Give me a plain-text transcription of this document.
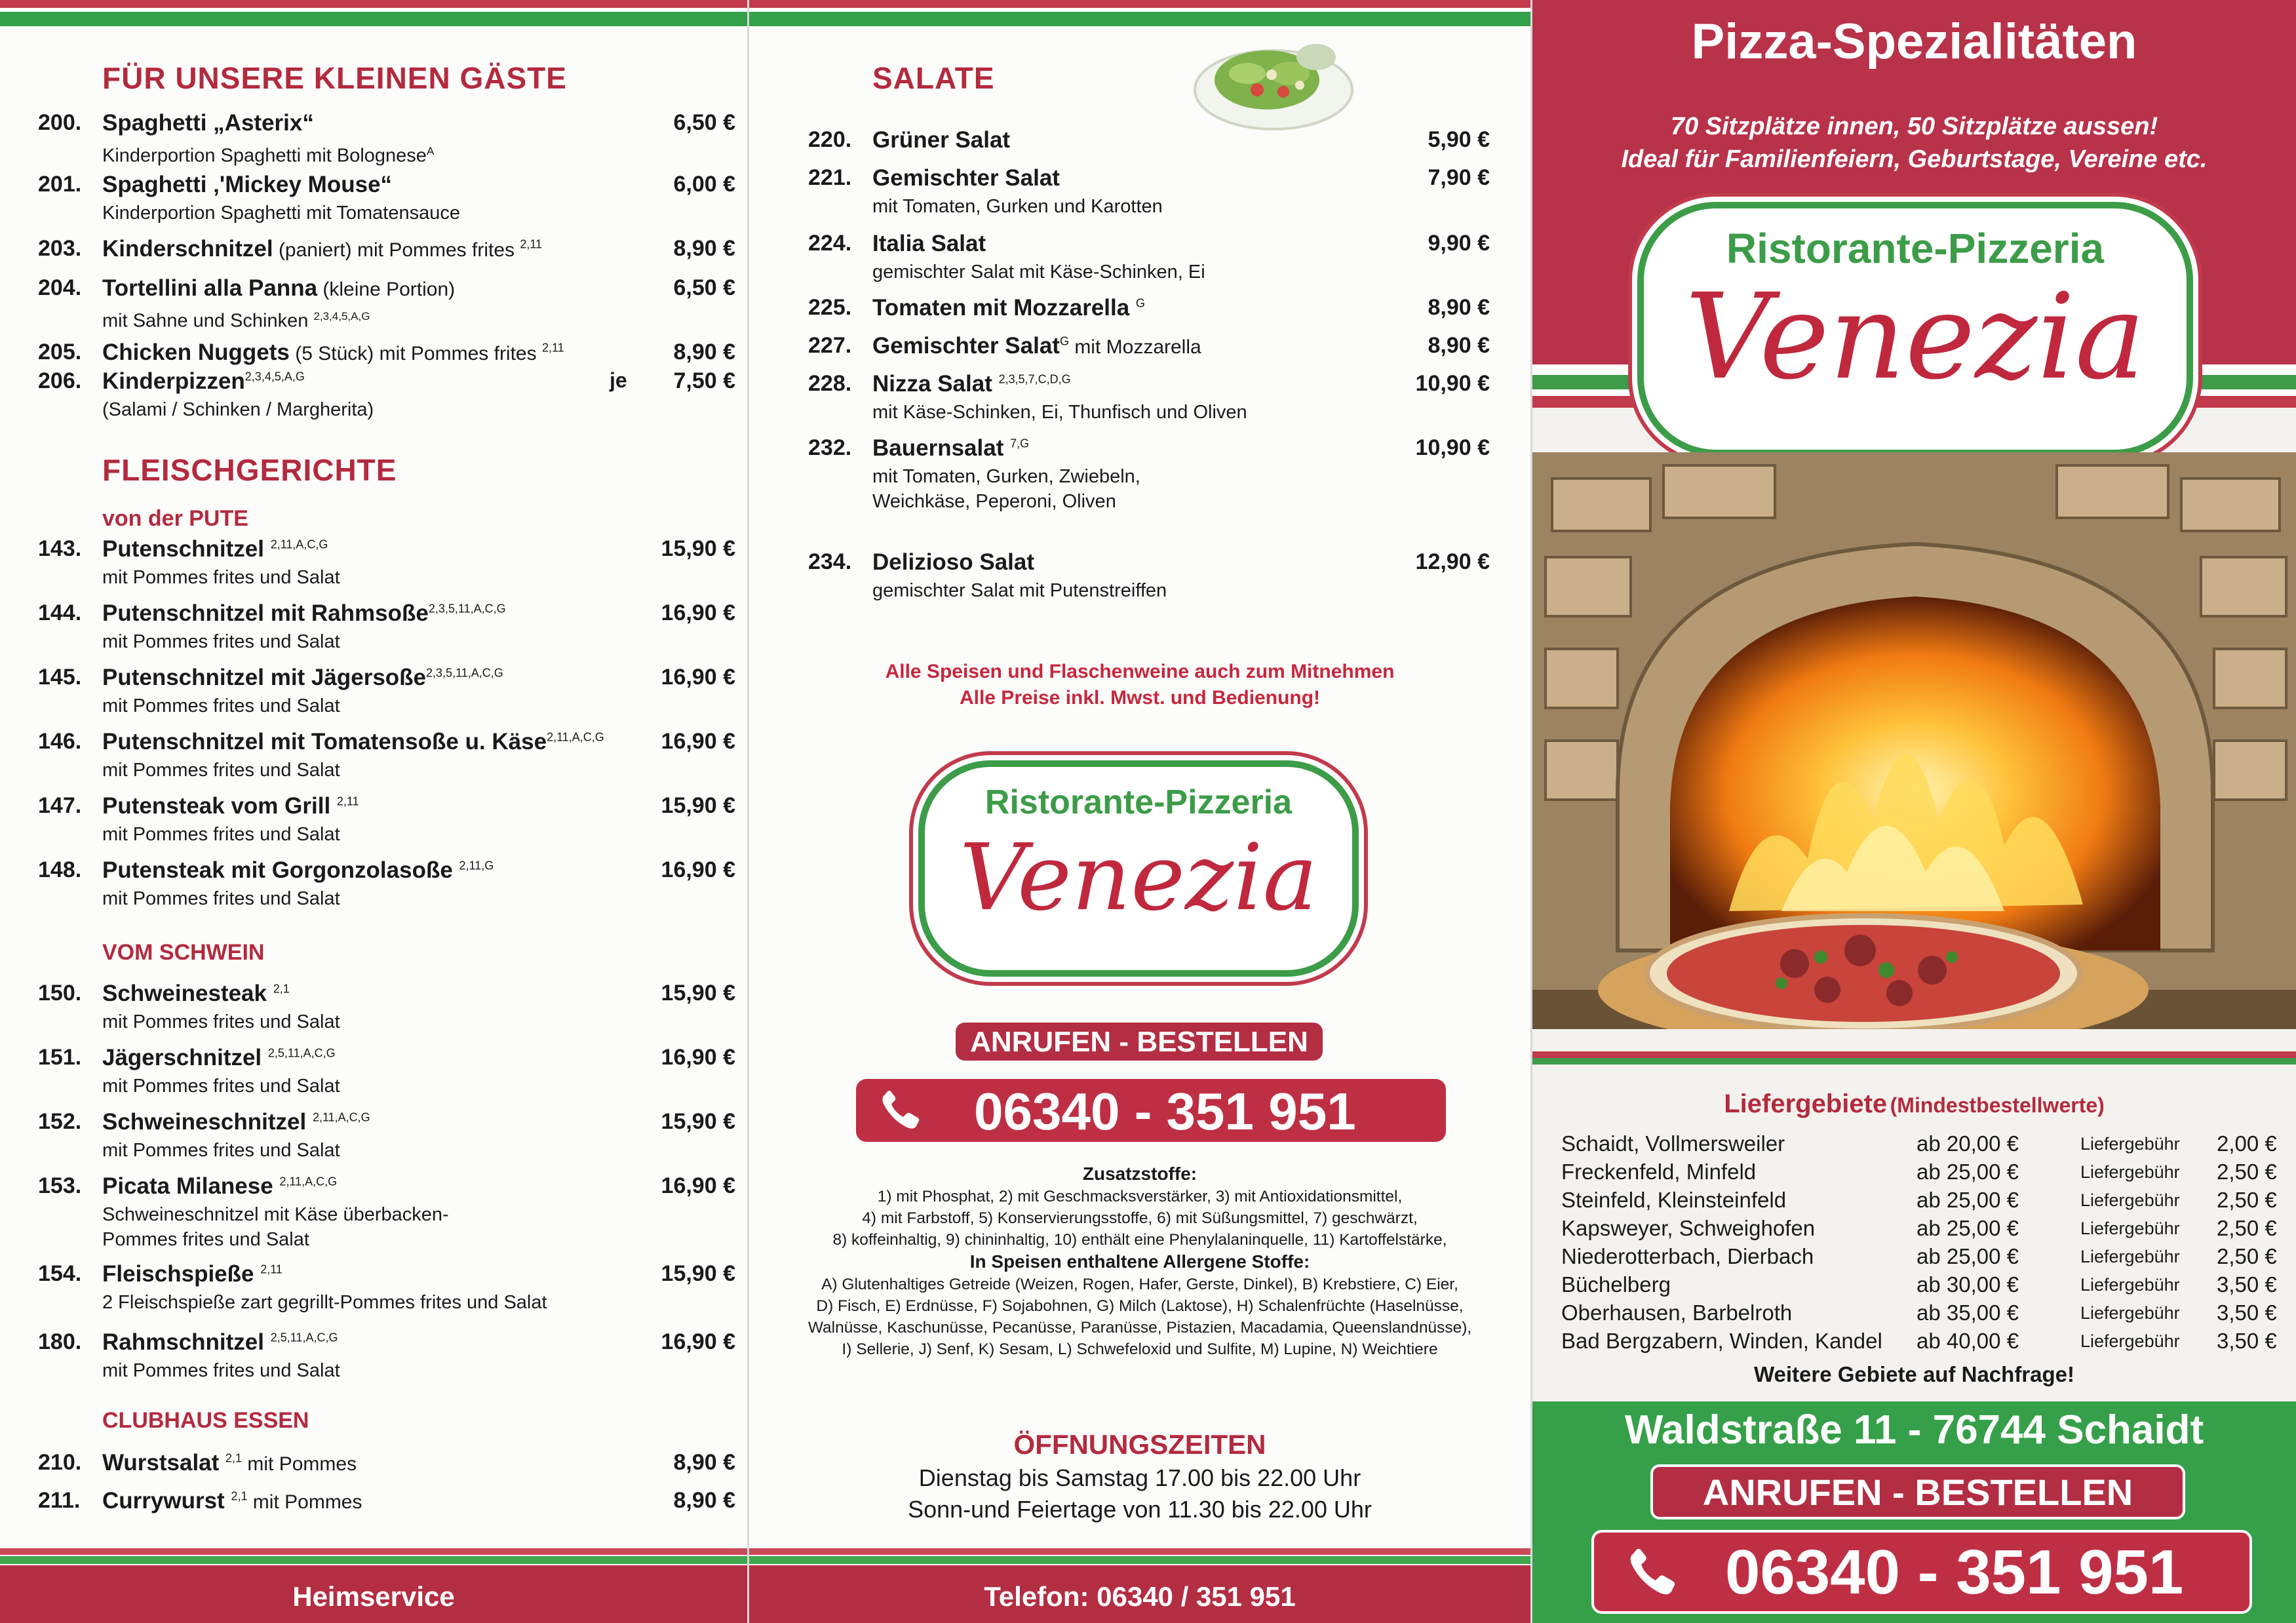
FÜR UNSERE KLEINEN GÄSTE
200. Spaghetti „Asterix“
Kinderportion Spaghetti mit Bolognese$^A$
6,50 €
201. Spaghetti ‚'Mickey Mouse“
Kinderportion Spaghetti mit Tomatensauce
6,00 €
203. Kinderschnitzel (paniert) mit Pommes frites $^{2,11}$	8,90 €
204. Tortellini alla Panna (kleine Portion)
mit Sahne und Schinken $^{2,3,4,5,A,G}$
6,50 €
205. Chicken Nuggets (5 Stück) mit Pommes frites $^{2,11}$	8,90 €
206. Kinderpizzen$^{2,3,4,5,A,G}$
(Salami / Schinken / Margherita)
je 7,50 €
FLEISCHGERICHTE
von der PUTE
143. Putenschnitzel $^{2,11,A,C,G}$
mit Pommes frites und Salat
15,90 €
144. Putenschnitzel mit Rahmsoße$^{2,3,5,11,A,C,G}$
mit Pommes frites und Salat
16,90 €
145. Putenschnitzel mit Jägersoße$^{2,3,5,11,A,C,G}$
mit Pommes frites und Salat
16,90 €
146. Putenschnitzel mit Tomatensoße u. Käse$^{2,11,A,C,G}$
mit Pommes frites und Salat
16,90 €
147. Putensteak vom Grill $^{2,11}$
mit Pommes frites und Salat
15,90 €
148. Putensteak mit Gorgonzolasoße $^{2,11,G}$
mit Pommes frites und Salat
16,90 €
VOM SCHWEIN
150. Schweinesteak $^{2,1}$
mit Pommes frites und Salat
15,90 €
151. Jägerschnitzel $^{2,5,11,A,C,G}$
mit Pommes frites und Salat
16,90 €
152. Schweineschnitzel $^{2,11,A,C,G}$
mit Pommes frites und Salat
15,90 €
153. Picata Milanese $^{2,11,A,C,G}$
Schweineschnitzel mit Käse überbacken-
Pommes frites und Salat
16,90 €
154. Fleischspieße $^{2,11}$
2 Fleischspieße zart gegrillt-Pommes frites und Salat
15,90 €
180. Rahmschnitzel $^{2,5,11,A,C,G}$
mit Pommes frites und Salat
16,90 €
CLUBHAUS ESSEN
210. Wurstsalat $^{2,1}$ mit Pommes	8,90 €
211. Currywurst $^{2,1}$ mit Pommes	8,90 €
Heimservice
SALATE
220. Grüner Salat	5,90 €
221. Gemischter Salat
mit Tomaten, Gurken und Karotten
7,90 €
224. Italia Salat
gemischter Salat mit Käse-Schinken, Ei
9,90 €
225. Tomaten mit Mozzarella $^G$	8,90 €
227. Gemischter Salat$^G$ mit Mozzarella	8,90 €
228. Nizza Salat $^{2,3,5,7,C,D,G}$
mit Käse-Schinken, Ei, Thunfisch und Oliven
10,90 €
232. Bauernsalat $^{7,G}$
mit Tomaten, Gurken, Zwiebeln,
Weichkäse, Peperoni, Oliven
10,90 €
234. Delizioso Salat
gemischter Salat mit Putenstreiffen
12,90 €
Alle Speisen und Flaschenweine auch zum Mitnehmen
Alle Preise inkl. Mwst. und Bedienung!
Ristorante-Pizzeria
Venezia
ANRUFEN - BESTELLEN
06340 - 351 951
Zusatzstoffe:
1) mit Phosphat, 2) mit Geschmacksverstärker, 3) mit Antioxidationsmittel,
4) mit Farbstoff, 5) Konservierungsstoffe, 6) mit Süßungsmittel, 7) geschwärzt,
8) koffeinhaltig, 9) chininhaltig, 10) enthält eine Phenylalaninquelle, 11) Kartoffelstärke,
In Speisen enthaltene Allergene Stoffe:
A) Glutenhaltiges Getreide (Weizen, Rogen, Hafer, Gerste, Dinkel), B) Krebstiere, C) Eier,
D) Fisch, E) Erdnüsse, F) Sojabohnen, G) Milch (Laktose), H) Schalenfrüchte (Haselnüsse,
Walnüsse, Kaschunüsse, Pecanüsse, Paranüsse, Pistazien, Macadamia, Queenslandnüsse),
I) Sellerie, J) Senf, K) Sesam, L) Schwefeloxid und Sulfite, M) Lupine, N) Weichtiere
ÖFFNUNGSZEITEN
Dienstag bis Samstag 17.00 bis 22.00 Uhr
Sonn-und Feiertage von 11.30 bis 22.00 Uhr
Telefon: 06340 / 351 951
Pizza-Spezialitäten
70 Sitzplätze innen, 50 Sitzplätze aussen!
Ideal für Familienfeiern, Geburtstage, Vereine etc.
Ristorante-Pizzeria
Venezia
Liefergebiete (Mindestbestellwerte)
Schaidt, Vollmersweiler	ab 20,00 €	Liefergebühr 2,00 €
Freckenfeld, Minfeld	ab 25,00 €	Liefergebühr 2,50 €
Steinfeld, Kleinsteinfeld	ab 25,00 €	Liefergebühr 2,50 €
Kapsweyer, Schweighofen	ab 25,00 €	Liefergebühr 2,50 €
Niederotterbach, Dierbach	ab 25,00 €	Liefergebühr 2,50 €
Büchelberg	ab 30,00 €	Liefergebühr 3,50 €
Oberhausen, Barbelroth	ab 35,00 €	Liefergebühr 3,50 €
Bad Bergzabern, Winden, Kandel ab 40,00 €	Liefergebühr 3,50 €
Weitere Gebiete auf Nachfrage!
Waldstraße 11 - 76744 Schaidt
ANRUFEN - BESTELLEN
06340 - 351 951
